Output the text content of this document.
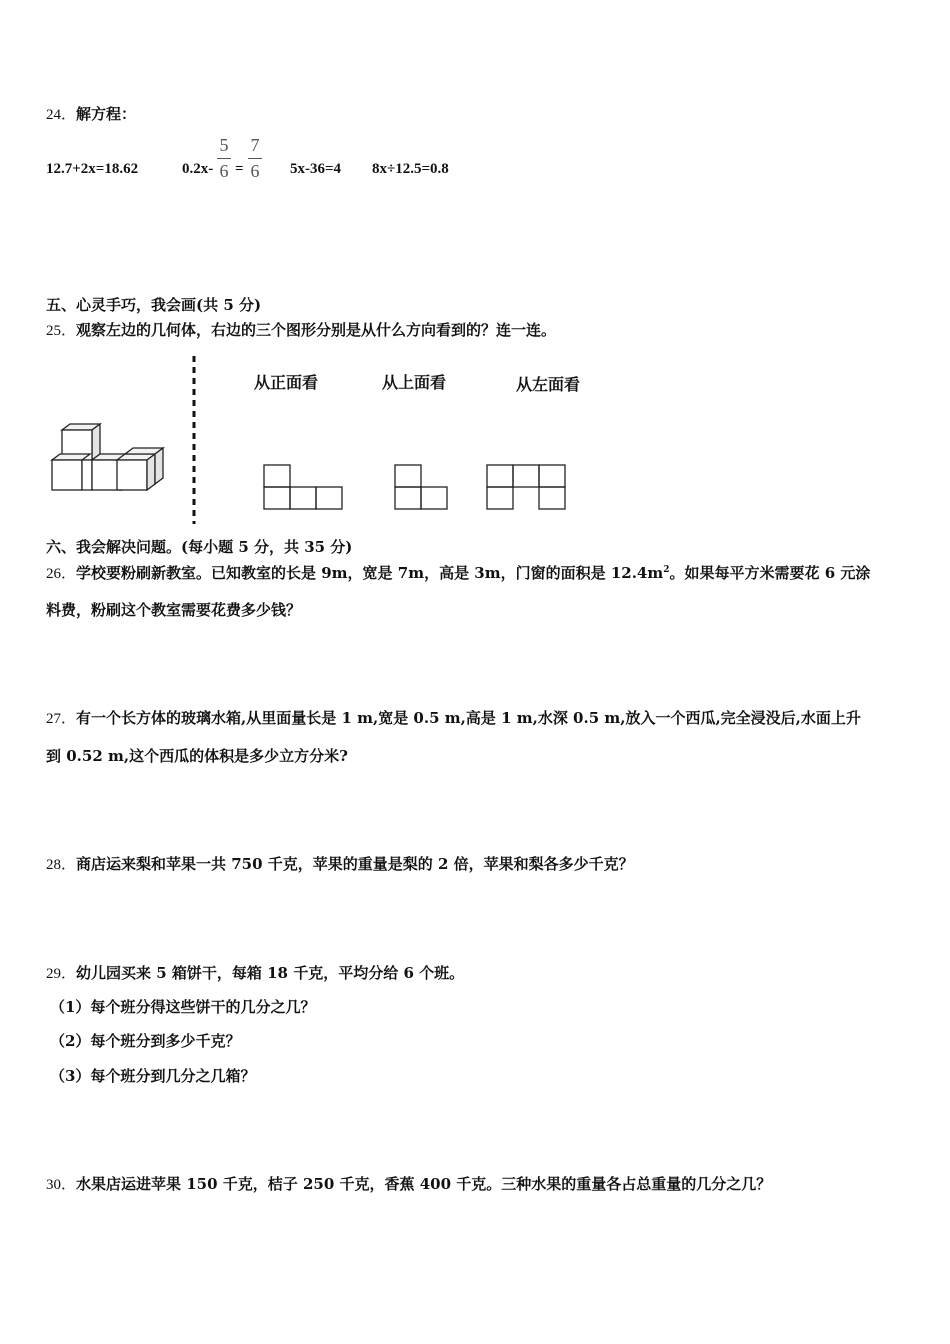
24．解方程：
12.7+2x=18.62	0.2x-
5
6 =
7
6 5x-36=4 8x÷12.5=0.8
五、心灵手巧，我会画(共 5 分)
25．观察左边的几何体，右边的三个图形分别是从什么方向看到的？连一连。
从正面看	从上面看	从左面看
六、我会解决问题。(每小题 5 分，共 35 分)
26．学校要粉刷新教室。已知教室的长是 9m，宽是 7m，高是 3m，门窗的面积是 $12.4m^2$。如果每平方米需要花 6 元涂
料费，粉刷这个教室需要花费多少钱？
27．有一个长方体的玻璃水箱,从里面量长是 1 m,宽是 0.5 m,高是 1 m,水深 0.5 m,放入一个西瓜,完全浸没后,水面上升
到 0.52 m,这个西瓜的体积是多少立方分米?
28．商店运来梨和苹果一共 750 千克，苹果的重量是梨的 2 倍，苹果和梨各多少千克？
29．幼儿园买来 5 箱饼干，每箱 18 千克，平均分给 6 个班。
（1）每个班分得这些饼干的几分之几？
（2）每个班分到多少千克？
（3）每个班分到几分之几箱？
30．水果店运进苹果 150 千克，桔子 250 千克，香蕉 400 千克。三种水果的重量各占总重量的几分之几？
